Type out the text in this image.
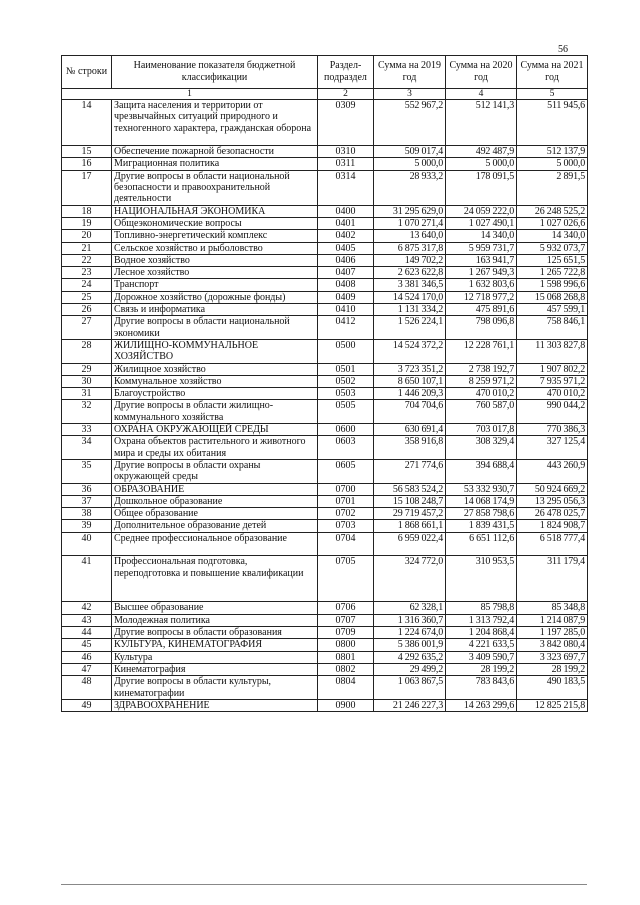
56
№ строки	Наименование показателя бюджетной классификации	Раздел-подраздел	Сумма на 2019 год	Сумма на 2020 год	Сумма на 2021 год
1		2	3	4	5
14	Защита населения и территории от чрезвычайных ситуаций природного и техногенного характера, гражданская оборона	0309	552 967,2	512 141,3	511 945,6
15	Обеспечение пожарной безопасности	0310	509 017,4	492 487,9	512 137,9
16	Миграционная политика	0311	5 000,0	5 000,0	5 000,0
17	Другие вопросы в области национальной безопасности и правоохранительной деятельности	0314	28 933,2	178 091,5	2 891,5
18	НАЦИОНАЛЬНАЯ ЭКОНОМИКА	0400	31 295 629,0	24 059 222,0	26 248 525,2
19	Общеэкономические вопросы	0401	1 070 271,4	1 027 490,1	1 027 026,6
20	Топливно-энергетический комплекс	0402	13 640,0	14 340,0	14 340,0
21	Сельское хозяйство и рыболовство	0405	6 875 317,8	5 959 731,7	5 932 073,7
22	Водное хозяйство	0406	149 702,2	163 941,7	125 651,5
23	Лесное хозяйство	0407	2 623 622,8	1 267 949,3	1 265 722,8
24	Транспорт	0408	3 381 346,5	1 632 803,6	1 598 996,6
25	Дорожное хозяйство (дорожные фонды)	0409	14 524 170,0	12 718 977,2	15 068 268,8
26	Связь и информатика	0410	1 131 334,2	475 891,6	457 599,1
27	Другие вопросы в области национальной экономики	0412	1 526 224,1	798 096,8	758 846,1
28	ЖИЛИЩНО-КОММУНАЛЬНОЕ ХОЗЯЙСТВО	0500	14 524 372,2	12 228 761,1	11 303 827,8
29	Жилищное хозяйство	0501	3 723 351,2	2 738 192,7	1 907 802,2
30	Коммунальное хозяйство	0502	8 650 107,1	8 259 971,2	7 935 971,2
31	Благоустройство	0503	1 446 209,3	470 010,2	470 010,2
32	Другие вопросы в области жилищно-коммунального хозяйства	0505	704 704,6	760 587,0	990 044,2
33	ОХРАНА ОКРУЖАЮЩЕЙ СРЕДЫ	0600	630 691,4	703 017,8	770 386,3
34	Охрана объектов растительного и животного мира и среды их обитания	0603	358 916,8	308 329,4	327 125,4
35	Другие вопросы в области охраны окружающей среды	0605	271 774,6	394 688,4	443 260,9
36	ОБРАЗОВАНИЕ	0700	56 583 524,2	53 332 930,7	50 924 669,2
37	Дошкольное образование	0701	15 108 248,7	14 068 174,9	13 295 056,3
38	Общее образование	0702	29 719 457,2	27 858 798,6	26 478 025,7
39	Дополнительное образование детей	0703	1 868 661,1	1 839 431,5	1 824 908,7
40	Среднее профессиональное образование	0704	6 959 022,4	6 651 112,6	6 518 777,4
41	Профессиональная подготовка, переподготовка и повышение квалификации	0705	324 772,0	310 953,5	311 179,4
42	Высшее образование	0706	62 328,1	85 798,8	85 348,8
43	Молодежная политика	0707	1 316 360,7	1 313 792,4	1 214 087,9
44	Другие вопросы в области образования	0709	1 224 674,0	1 204 868,4	1 197 285,0
45	КУЛЬТУРА, КИНЕМАТОГРАФИЯ	0800	5 386 001,9	4 221 633,5	3 842 080,4
46	Культура	0801	4 292 635,2	3 409 590,7	3 323 697,7
47	Кинематография	0802	29 499,2	28 199,2	28 199,2
48	Другие вопросы в области культуры, кинематографии	0804	1 063 867,5	783 843,6	490 183,5
49	ЗДРАВООХРАНЕНИЕ	0900	21 246 227,3	14 263 299,6	12 825 215,8
